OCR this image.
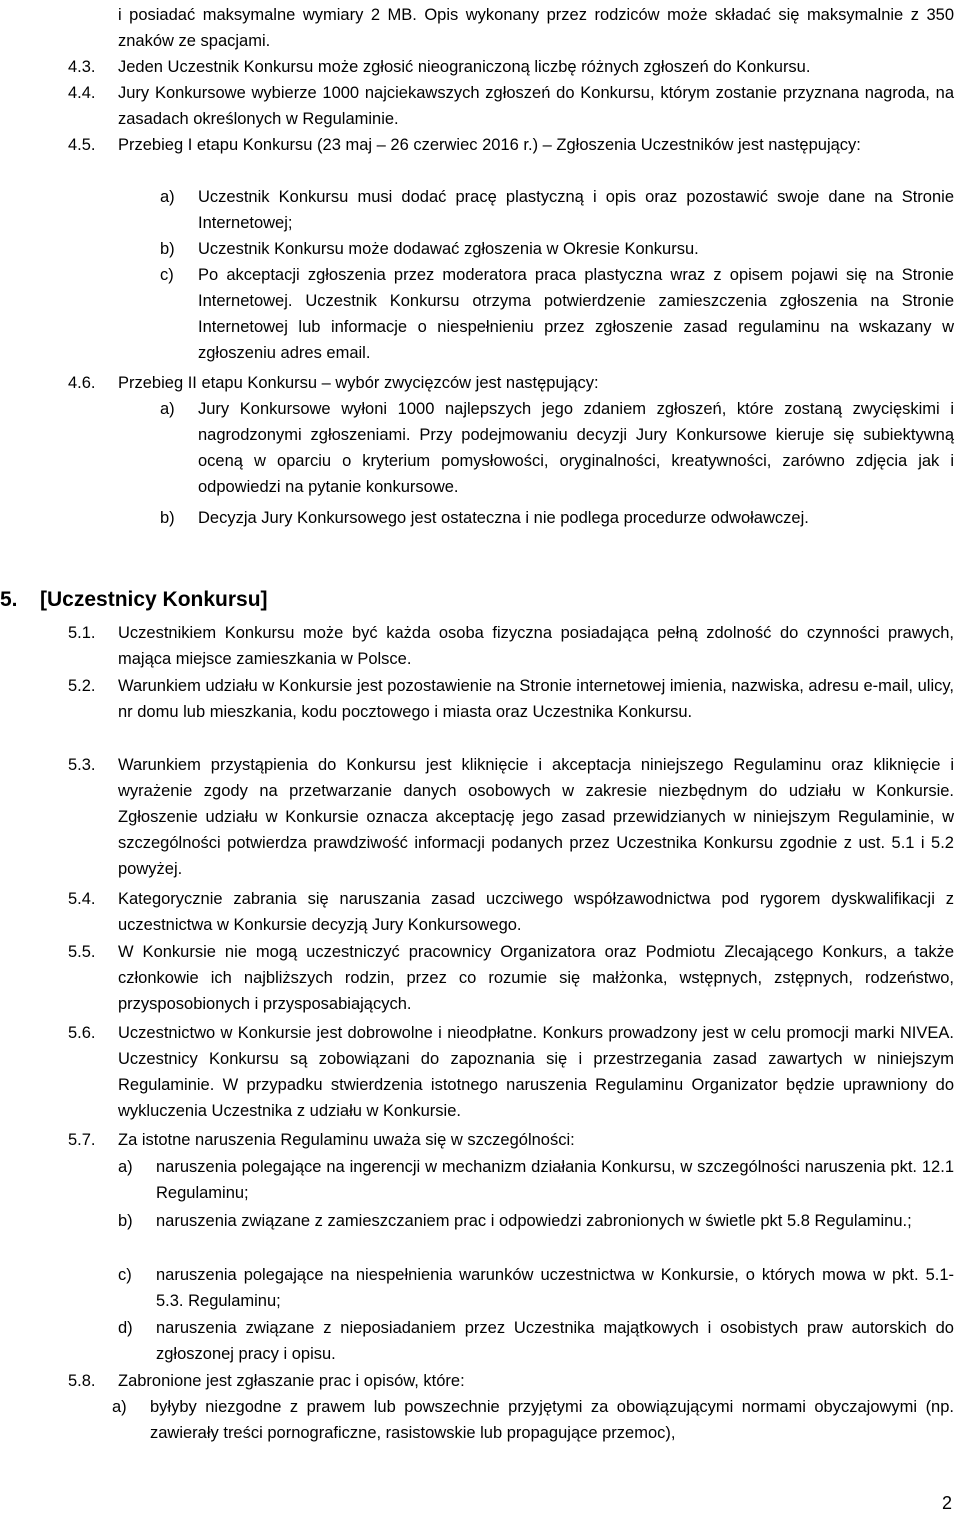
i posiadać maksymalne wymiary 2 MB. Opis wykonany przez rodziców może składać się maksymalnie z 350 znaków ze spacjami.
4.3. Jeden Uczestnik Konkursu może zgłosić nieograniczoną liczbę różnych zgłoszeń do Konkursu.
4.4. Jury Konkursowe wybierze 1000 najciekawszych zgłoszeń do Konkursu, którym zostanie przyznana nagroda, na zasadach określonych w Regulaminie.
4.5. Przebieg I etapu Konkursu (23 maj – 26 czerwiec 2016 r.) – Zgłoszenia Uczestników jest następujący:
a) Uczestnik Konkursu musi dodać pracę plastyczną i opis oraz pozostawić swoje dane na Stronie Internetowej;
b) Uczestnik Konkursu może dodawać zgłoszenia w Okresie Konkursu.
c) Po akceptacji zgłoszenia przez moderatora praca plastyczna wraz z opisem pojawi się na Stronie Internetowej. Uczestnik Konkursu otrzyma potwierdzenie zamieszczenia zgłoszenia na Stronie Internetowej lub informacje o niespełnieniu przez zgłoszenie zasad regulaminu na wskazany w zgłoszeniu adres email.
4.6. Przebieg II etapu Konkursu – wybór zwycięzców jest następujący:
a) Jury Konkursowe wyłoni 1000 najlepszych jego zdaniem zgłoszeń, które zostaną zwycięskimi i nagrodzonymi zgłoszeniami. Przy podejmowaniu decyzji Jury Konkursowe kieruje się subiektywną oceną w oparciu o kryterium pomysłowości, oryginalności, kreatywności, zarówno zdjęcia jak i odpowiedzi na pytanie konkursowe.
b) Decyzja Jury Konkursowego jest ostateczna i nie podlega procedurze odwoławczej.
5. [Uczestnicy Konkursu]
5.1. Uczestnikiem Konkursu może być każda osoba fizyczna posiadająca pełną zdolność do czynności prawych, mająca miejsce zamieszkania w Polsce.
5.2. Warunkiem udziału w Konkursie jest pozostawienie na Stronie internetowej imienia, nazwiska, adresu e-mail, ulicy, nr domu lub mieszkania, kodu pocztowego i miasta oraz Uczestnika Konkursu.
5.3. Warunkiem przystąpienia do Konkursu jest kliknięcie i akceptacja niniejszego Regulaminu oraz kliknięcie i wyrażenie zgody na przetwarzanie danych osobowych w zakresie niezbędnym do udziału w Konkursie. Zgłoszenie udziału w Konkursie oznacza akceptację jego zasad przewidzianych w niniejszym Regulaminie, w szczególności potwierdza prawdziwość informacji podanych przez Uczestnika Konkursu zgodnie z ust. 5.1 i 5.2 powyżej.
5.4. Kategorycznie zabrania się naruszania zasad uczciwego współzawodnictwa pod rygorem dyskwalifikacji z uczestnictwa w Konkursie decyzją Jury Konkursowego.
5.5. W Konkursie nie mogą uczestniczyć pracownicy Organizatora oraz Podmiotu Zlecającego Konkurs, a także członkowie ich najbliższych rodzin, przez co rozumie się małżonka, wstępnych, zstępnych, rodzeństwo, przysposobionych i przysposabiających.
5.6. Uczestnictwo w Konkursie jest dobrowolne i nieodpłatne. Konkurs prowadzony jest w celu promocji marki NIVEA. Uczestnicy Konkursu są zobowiązani do zapoznania się i przestrzegania zasad zawartych w niniejszym Regulaminie. W przypadku stwierdzenia istotnego naruszenia Regulaminu Organizator będzie uprawniony do wykluczenia Uczestnika z udziału w Konkursie.
5.7. Za istotne naruszenia Regulaminu uważa się w szczególności:
a) naruszenia polegające na ingerencji w mechanizm działania Konkursu, w szczególności naruszenia pkt. 12.1 Regulaminu;
b) naruszenia związane z zamieszczaniem prac i odpowiedzi zabronionych w świetle pkt 5.8 Regulaminu.;
c) naruszenia polegające na niespełnienia warunków uczestnictwa w Konkursie, o których mowa w pkt. 5.1- 5.3. Regulaminu;
d) naruszenia związane z nieposiadaniem przez Uczestnika majątkowych i osobistych praw autorskich do zgłoszonej pracy i opisu.
5.8. Zabronione jest zgłaszanie prac i opisów, które:
a) byłyby niezgodne z prawem lub powszechnie przyjętymi za obowiązującymi normami obyczajowymi (np. zawierały treści pornograficzne, rasistowskie lub propagujące przemoc),
2
